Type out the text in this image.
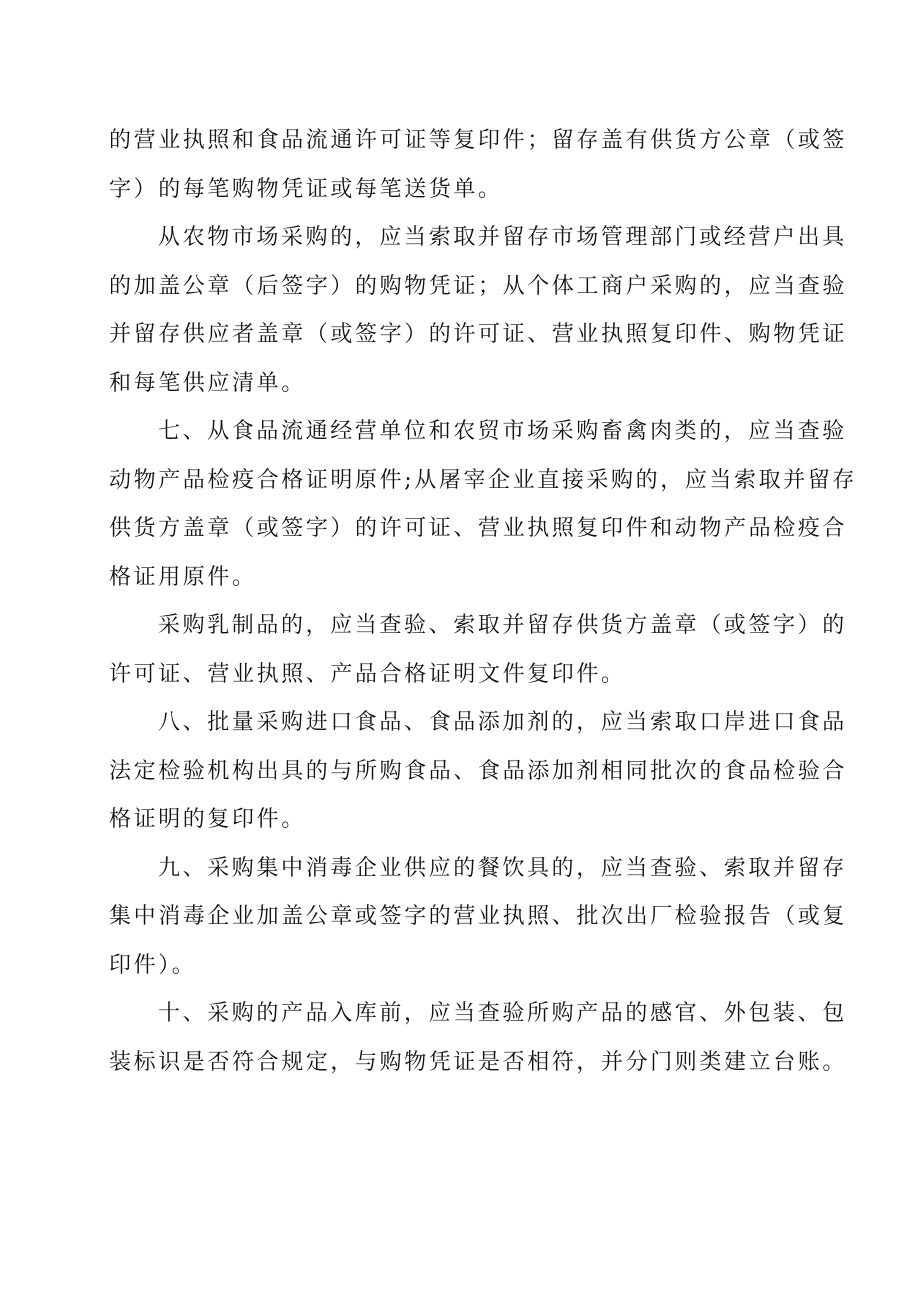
的营业执照和食品流通许可证等复印件；留存盖有供货方公章（或签
字）的每笔购物凭证或每笔送货单。
从农物市场采购的，应当索取并留存市场管理部门或经营户出具
的加盖公章（后签字）的购物凭证；从个体工商户采购的，应当查验
并留存供应者盖章（或签字）的许可证、营业执照复印件、购物凭证
和每笔供应清单。
七、从食品流通经营单位和农贸市场采购畜禽肉类的，应当查验
动物产品检疫合格证明原件;从屠宰企业直接采购的，应当索取并留存
供货方盖章（或签字）的许可证、营业执照复印件和动物产品检疫合
格证用原件。
采购乳制品的，应当查验、索取并留存供货方盖章（或签字）的
许可证、营业执照、产品合格证明文件复印件。
八、批量采购进口食品、食品添加剂的，应当索取口岸进口食品
法定检验机构出具的与所购食品、食品添加剂相同批次的食品检验合
格证明的复印件。
九、采购集中消毒企业供应的餐饮具的，应当查验、索取并留存
集中消毒企业加盖公章或签字的营业执照、批次出厂检验报告（或复
印件）。
十、采购的产品入库前，应当查验所购产品的感官、外包装、包
装标识是否符合规定，与购物凭证是否相符，并分门则类建立台账。
